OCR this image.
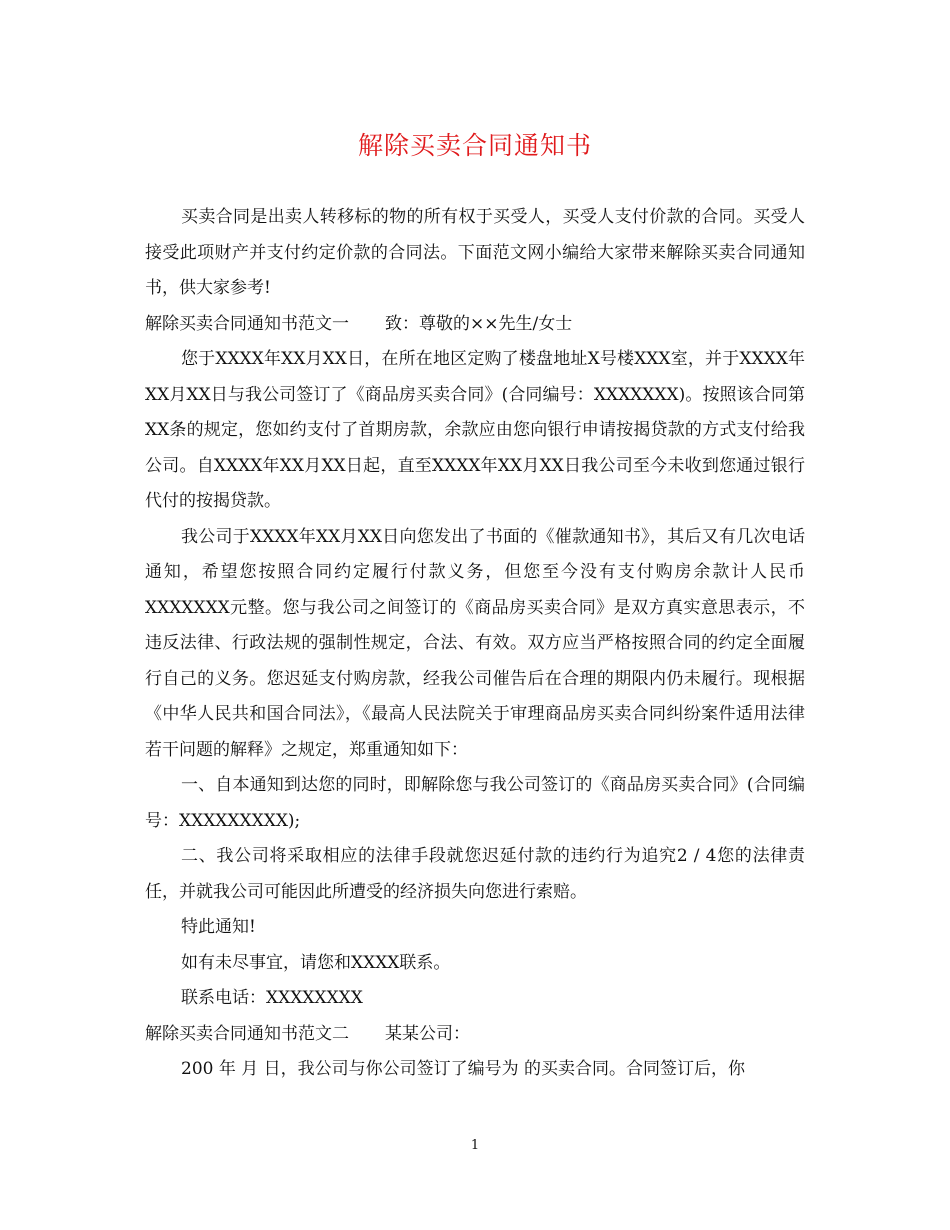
解除买卖合同通知书

买卖合同是出卖人转移标的物的所有权于买受人，买受人支付价款的合同。买受人接受此项财产并支付约定价款的合同法。下面范文网小编给大家带来解除买卖合同通知书，供大家参考!

解除买卖合同通知书范文一 致：尊敬的××先生/女士

您于XXXX年XX月XX日，在所在地区定购了楼盘地址X号楼XXX室，并于XXXX年XX月XX日与我公司签订了《商品房买卖合同》(合同编号：XXXXXXX)。按照该合同第XX条的规定，您如约支付了首期房款，余款应由您向银行申请按揭贷款的方式支付给我公司。自XXXX年XX月XX日起，直至XXXX年XX月XX日我公司至今未收到您通过银行代付的按揭贷款。

我公司于XXXX年XX月XX日向您发出了书面的《催款通知书》，其后又有几次电话通知，希望您按照合同约定履行付款义务，但您至今没有支付购房余款计人民币XXXXXXX元整。您与我公司之间签订的《商品房买卖合同》是双方真实意思表示，不违反法律、行政法规的强制性规定，合法、有效。双方应当严格按照合同的约定全面履行自己的义务。您迟延支付购房款，经我公司催告后在合理的期限内仍未履行。现根据《中华人民共和国合同法》，《最高人民法院关于审理商品房买卖合同纠纷案件适用法律若干问题的解释》之规定，郑重通知如下：

一、自本通知到达您的同时，即解除您与我公司签订的《商品房买卖合同》(合同编号：XXXXXXXXX);

二、我公司将采取相应的法律手段就您迟延付款的违约行为追究2 / 4您的法律责任，并就我公司可能因此所遭受的经济损失向您进行索赔。

特此通知!

如有未尽事宜，请您和XXXX联系。

联系电话：XXXXXXXX

解除买卖合同通知书范文二 某某公司：

200 年 月 日，我公司与你公司签订了编号为 的买卖合同。合同签订后，你

1
